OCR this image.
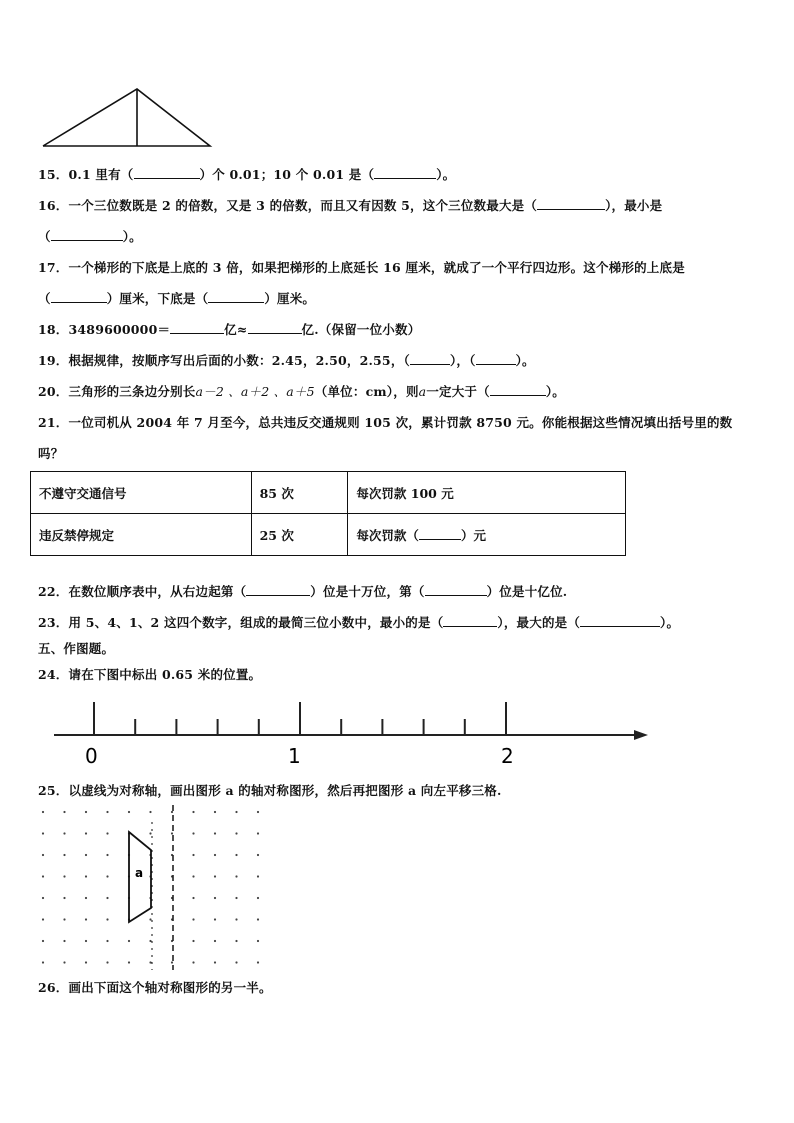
15．0.1 里有（	）个 0.01；10 个 0.01 是（	）。
16．一个三位数既是 2 的倍数，又是 3 的倍数，而且又有因数 5，这个三位数最大是（	），最小是
（	）。
17．一个梯形的下底是上底的 3 倍，如果把梯形的上底延长 16 厘米，就成了一个平行四边形。这个梯形的上底是
（	）厘米，下底是（	）厘米。
18．3489600000＝	亿≈	亿.（保留一位小数）
19．根据规律，按顺序写出后面的小数：2.45，2.50，2.55，（	），（	）。
20．三角形的三条边分别长a－2 、a＋2 、a＋5（单位：cm），则a一定大于（	）。
21．一位司机从 2004 年 7 月至今，总共违反交通规则 105 次，累计罚款 8750 元。你能根据这些情况填出括号里的数
吗？
不遵守交通信号	85 次	每次罚款 100 元
违反禁停规定	25 次	每次罚款（ ）元
22．在数位顺序表中，从右边起第（	）位是十万位，第（	）位是十亿位.
23．用 5、4、1、2 这四个数字，组成的最简三位小数中，最小的是（	），最大的是（	）。
五、作图题。
24．请在下图中标出 0.65 米的位置。
0	1	2
25．以虚线为对称轴，画出图形 a 的轴对称图形，然后再把图形 a 向左平移三格.
a
26．画出下面这个轴对称图形的另一半。
